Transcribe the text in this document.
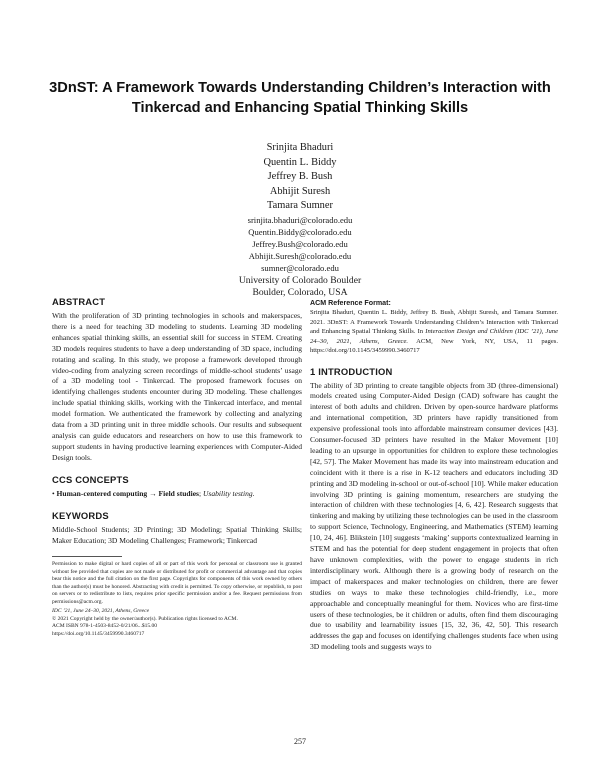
3DnST: A Framework Towards Understanding Children’s Interaction with Tinkercad and Enhancing Spatial Thinking Skills
Srinjita Bhaduri
Quentin L. Biddy
Jeffrey B. Bush
Abhijit Suresh
Tamara Sumner
srinjita.bhaduri@colorado.edu
Quentin.Biddy@colorado.edu
Jeffrey.Bush@colorado.edu
Abhijit.Suresh@colorado.edu
sumner@colorado.edu
University of Colorado Boulder
Boulder, Colorado, USA
ABSTRACT

With the proliferation of 3D printing technologies in schools and makerspaces, there is a need for teaching 3D modeling to students. Learning 3D modeling enhances spatial thinking skills, an essential skill for success in STEM. Creating 3D models requires students to have a deep understanding of 3D space, including rotating and scaling. In this study, we propose a framework developed through video-coding from analyzing screen recordings of middle-school students’ usage of a 3D modeling tool - Tinkercad. The proposed framework focuses on identifying challenges students encounter during 3D modeling. These challenges include spatial thinking skills, working with the Tinkercad interface, and mental model formation. We authenticated the framework by collecting and analyzing data from a 3D printing unit in three middle schools. Our results and subsequent analysis can guide educators and researchers on how to use this framework to support students in having productive learning experiences with Computer-Aided Design tools.

CCS CONCEPTS

• Human-centered computing → Field studies; Usability testing.

KEYWORDS

Middle-School Students; 3D Printing; 3D Modeling; Spatial Thinking Skills; Maker Education; 3D Modeling Challenges; Framework; Tinkercad

Permission to make digital or hard copies of all or part of this work for personal or classroom use is granted without fee provided that copies are not made or distributed for profit or commercial advantage and that copies bear this notice and the full citation on the first page. Copyrights for components of this work owned by others than the author(s) must be honored. Abstracting with credit is permitted. To copy otherwise, or republish, to post on servers or to redistribute to lists, requires prior specific permission and/or a fee. Request permissions from permissions@acm.org.

IDC ’21, June 24–30, 2021, Athens, Greece

© 2021 Copyright held by the owner/author(s). Publication rights licensed to ACM.

ACM ISBN 978-1-4503-8452-0/21/06...$15.00

https://doi.org/10.1145/3459990.3460717

ACM Reference Format:

Srinjita Bhaduri, Quentin L. Biddy, Jeffrey B. Bush, Abhijit Suresh, and Tamara Sumner. 2021. 3DnST: A Framework Towards Understanding Children’s Interaction with Tinkercad and Enhancing Spatial Thinking Skills. In Interaction Design and Children (IDC ’21), June 24–30, 2021, Athens, Greece. ACM, New York, NY, USA, 11 pages. https://doi.org/10.1145/3459990.3460717

1 INTRODUCTION

The ability of 3D printing to create tangible objects from 3D (three-dimensional) models created using Computer-Aided Design (CAD) software has caught the interest of both adults and children. Driven by open-source hardware platforms and international competition, 3D printers have rapidly transitioned from expensive professional tools into affordable mainstream consumer devices [43]. Consumer-focused 3D printers have resulted in the Maker Movement [10] leading to an upsurge in opportunities for children to explore these technologies [42, 57]. The Maker Movement has made its way into mainstream education and coincident with it there is a rise in K-12 teachers and educators including 3D printing and 3D modeling in-school or out-of-school [10]. While maker education involving 3D printing is gaining momentum, researchers are studying the interaction of children with these technologies [4, 6, 42]. Research suggests that tinkering and making by utilizing these technologies can be used in the classroom to support Science, Technology, Engineering, and Mathematics (STEM) learning [10, 24, 46]. Blikstein [10] suggests ‘making’ supports contextualized learning in STEM and has the potential for deep student engagement in projects that often have unknown complexities, with the power to engage students in rich interdisciplinary work. Although there is a growing body of research on the impact of makerspaces and maker technologies on children, there are fewer studies on ways to make these technologies child-friendly, i.e., more approachable and conceptually meaningful for them. Novices who are first-time users of these technologies, be it children or adults, often find them discouraging due to usability and learnability issues [15, 32, 36, 42, 50]. This research addresses the gap and focuses on identifying challenges students face when using 3D modeling tools and suggests ways to

257
